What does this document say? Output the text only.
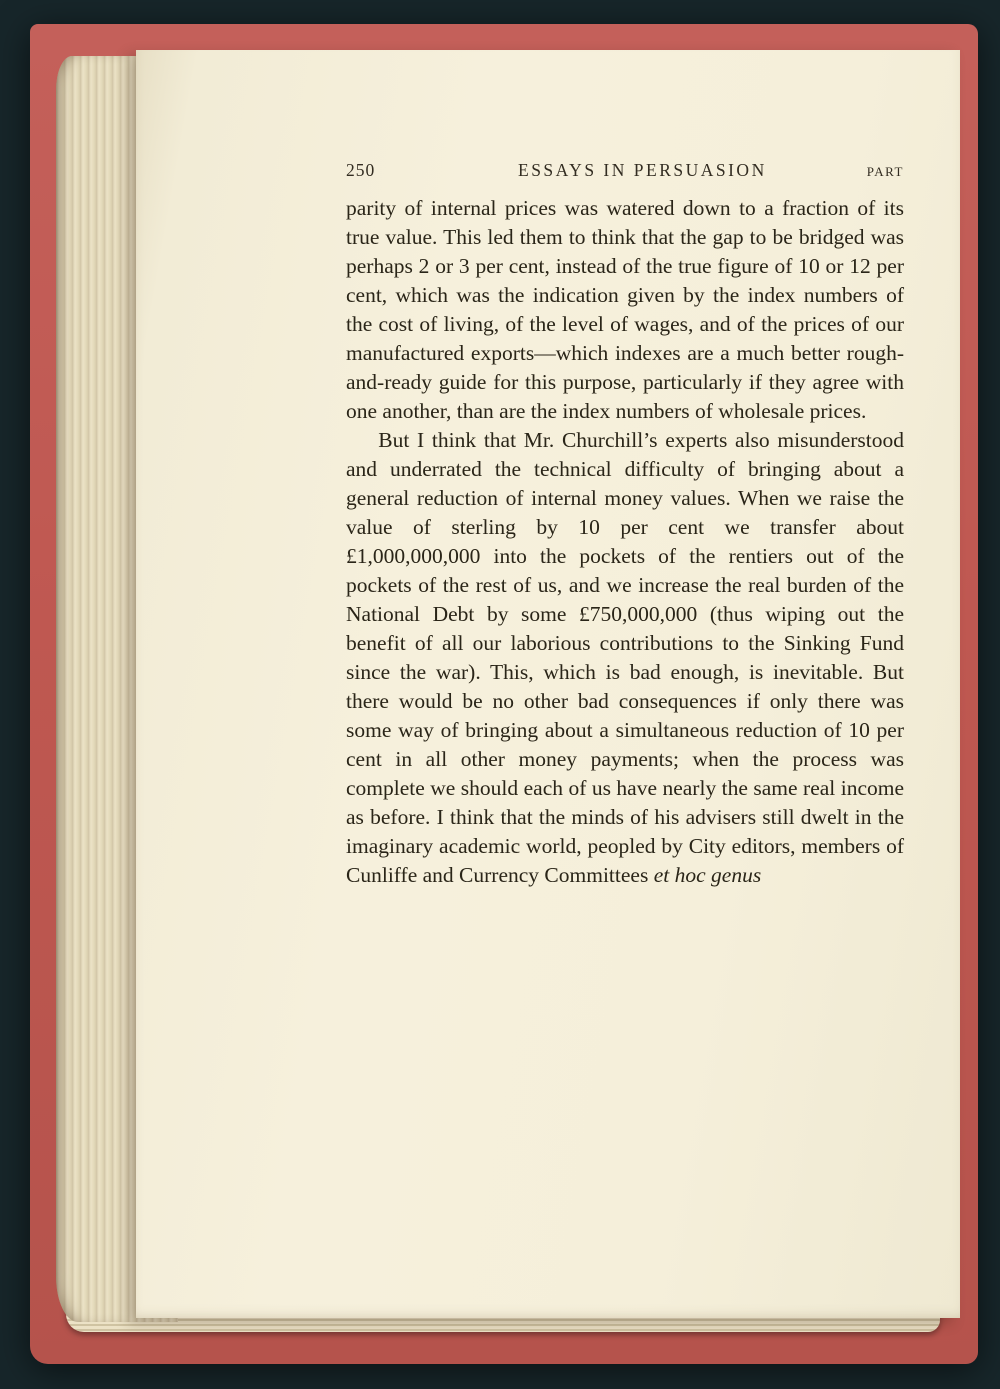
250	ESSAYS IN PERSUASION	PART

parity of internal prices was watered down to a fraction of its true value. This led them to think that the gap to be bridged was perhaps 2 or 3 per cent, instead of the true figure of 10 or 12 per cent, which was the indication given by the index numbers of the cost of living, of the level of wages, and of the prices of our manufactured exports—which indexes are a much better rough-and-ready guide for this purpose, particularly if they agree with one another, than are the index numbers of wholesale prices.

But I think that Mr. Churchill’s experts also misunderstood and underrated the technical difficulty of bringing about a general reduction of internal money values. When we raise the value of sterling by 10 per cent we transfer about £1,000,000,000 into the pockets of the rentiers out of the pockets of the rest of us, and we increase the real burden of the National Debt by some £750,000,000 (thus wiping out the benefit of all our laborious contributions to the Sinking Fund since the war). This, which is bad enough, is inevitable. But there would be no other bad consequences if only there was some way of bringing about a simultaneous reduction of 10 per cent in all other money payments; when the process was complete we should each of us have nearly the same real income as before. I think that the minds of his advisers still dwelt in the imaginary academic world, peopled by City editors, members of Cunliffe and Currency Committees et hoc genus
